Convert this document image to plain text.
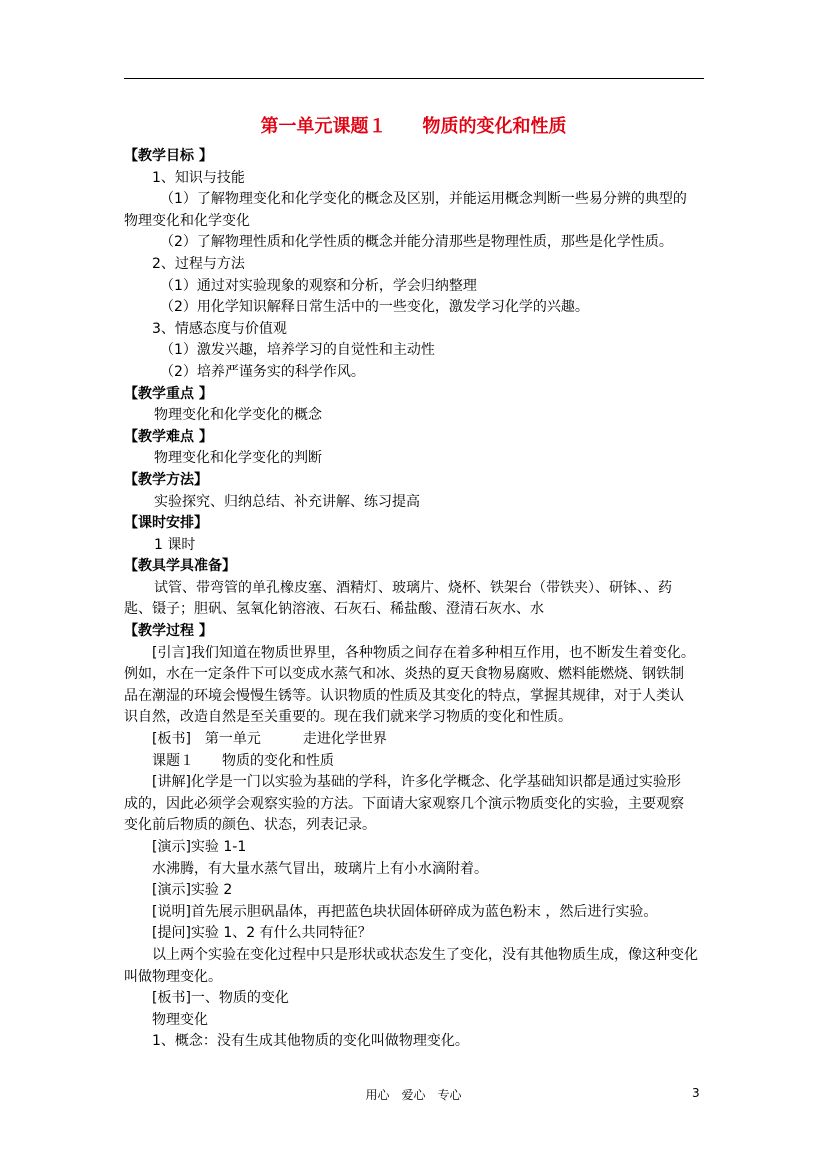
第一单元课题１　　物质的变化和性质
【教学目标 】
1、知识与技能
（1）了解物理变化和化学变化的概念及区别，并能运用概念判断一些易分辨的典型的
物理变化和化学变化
（2）了解物理性质和化学性质的概念并能分清那些是物理性质，那些是化学性质。
2、过程与方法
（1）通过对实验现象的观察和分析，学会归纳整理
（2）用化学知识解释日常生活中的一些变化，激发学习化学的兴趣。
3、情感态度与价值观
（1）激发兴趣，培养学习的自觉性和主动性
（2）培养严谨务实的科学作风。
【教学重点 】
物理变化和化学变化的概念
【教学难点 】
物理变化和化学变化的判断
【教学方法】
实验探究、归纳总结、补充讲解、练习提高
【课时安排】
1 课时
【教具学具准备】
试管、带弯管的单孔橡皮塞、酒精灯、玻璃片、烧杯、铁架台（带铁夹）、研钵、、药
匙、镊子；胆矾、氢氧化钠溶液、石灰石、稀盐酸、澄清石灰水、水
【教学过程 】
[引言]我们知道在物质世界里，各种物质之间存在着多种相互作用，也不断发生着变化。
例如，水在一定条件下可以变成水蒸气和冰、炎热的夏天食物易腐败、燃料能燃烧、钢铁制
品在潮湿的环境会慢慢生锈等。认识物质的性质及其变化的特点，掌握其规律，对于人类认
识自然，改造自然是至关重要的。现在我们就来学习物质的变化和性质。
[板书]　第一单元　　　走进化学世界
课题１　　物质的变化和性质
[讲解]化学是一门以实验为基础的学科，许多化学概念、化学基础知识都是通过实验形
成的，因此必须学会观察实验的方法。下面请大家观察几个演示物质变化的实验，主要观察
变化前后物质的颜色、状态，列表记录。
[演示]实验 1-1
水沸腾，有大量水蒸气冒出，玻璃片上有小水滴附着。
[演示]实验 2
[说明]首先展示胆矾晶体，再把蓝色块状固体研碎成为蓝色粉末 ，然后进行实验。
[提问]实验 1、2 有什么共同特征？
　以上两个实验在变化过程中只是形状或状态发生了变化，没有其他物质生成，像这种变化
叫做物理变化。
[板书]一、物质的变化
物理变化
1、概念：没有生成其他物质的变化叫做物理变化。
用心　爱心　专心	3
